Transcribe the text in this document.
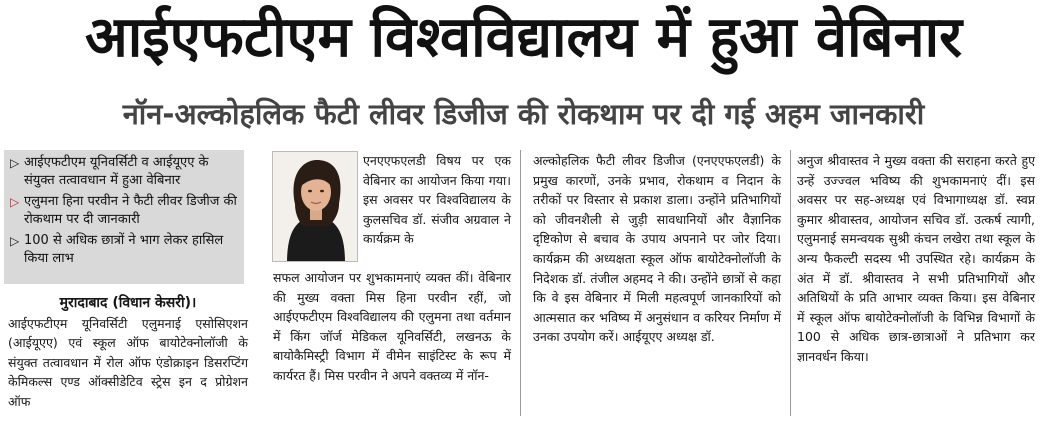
आईएफटीएम विश्वविद्यालय में हुआ वेबिनार
नॉन-अल्कोहलिक फैटी लीवर डिजीज की रोकथाम पर दी गई अहम जानकारी
▷ आईएफटीएम यूनिवर्सिटी व आईयूएए के संयुक्त तत्वावधान में हुआ वेबिनार
▷ एलुमना हिना परवीन ने फैटी लीवर डिजीज की रोकथाम पर दी जानकारी
▷ 100 से अधिक छात्रों ने भाग लेकर हासिल किया लाभ

मुरादाबाद (विधान केसरी)।

आईएफटीएम यूनिवर्सिटी एलुमनाई एसोसिएशन (आईयूएए) एवं स्कूल ऑफ बायोटेक्नोलॉजी के संयुक्त तत्वावधान में रोल ऑफ एंडोक्राइन डिसरप्टिंग केमिकल्स एण्ड ऑक्सीडेटिव स्ट्रेस इन द प्रोग्रेशन ऑफ

एनएएफएलडी विषय पर एक वेबिनार का आयोजन किया गया। इस अवसर पर विश्वविद्यालय के कुलसचिव डॉ. संजीव अग्रवाल ने कार्यक्रम के

सफल आयोजन पर शुभकामनाएं व्यक्त कीं। वेबिनार की मुख्य वक्ता मिस हिना परवीन रहीं, जो आईएफटीएम विश्वविद्यालय की एलुमना तथा वर्तमान में किंग जॉर्ज मेडिकल यूनिवर्सिटी, लखनऊ के बायोकैमिस्ट्री विभाग में वीमेन साइंटिस्ट के रूप में कार्यरत हैं। मिस परवीन ने अपने वक्तव्य में नॉन-

अल्कोहलिक फैटी लीवर डिजीज (एनएएफएलडी) के प्रमुख कारणों, उनके प्रभाव, रोकथाम व निदान के तरीकों पर विस्तार से प्रकाश डाला। उन्होंने प्रतिभागियों को जीवनशैली से जुड़ी सावधानियों और वैज्ञानिक दृष्टिकोण से बचाव के उपाय अपनाने पर जोर दिया। कार्यक्रम की अध्यक्षता स्कूल ऑफ बायोटेक्नोलॉजी के निदेशक डॉ. तंजील अहमद ने की। उन्होंने छात्रों से कहा कि वे इस वेबिनार में मिली महत्वपूर्ण जानकारियों को आत्मसात कर भविष्य में अनुसंधान व करियर निर्माण में उनका उपयोग करें। आईयूएए अध्यक्ष डॉ.

अनुज श्रीवास्तव ने मुख्य वक्ता की सराहना करते हुए उन्हें उज्ज्वल भविष्य की शुभकामनाएं दीं। इस अवसर पर सह-अध्यक्ष एवं विभागाध्यक्ष डॉ. स्वप्न कुमार श्रीवास्तव, आयोजन सचिव डॉ. उत्कर्ष त्यागी, एलुमनाई समन्वयक सुश्री कंचन लखेरा तथा स्कूल के अन्य फैकल्टी सदस्य भी उपस्थित रहे। कार्यक्रम के अंत में डॉ. श्रीवास्तव ने सभी प्रतिभागियों और अतिथियों के प्रति आभार व्यक्त किया। इस वेबिनार में स्कूल ऑफ बायोटेक्नोलॉजी के विभिन्न विभागों के 100 से अधिक छात्र-छात्राओं ने प्रतिभाग कर ज्ञानवर्धन किया।
